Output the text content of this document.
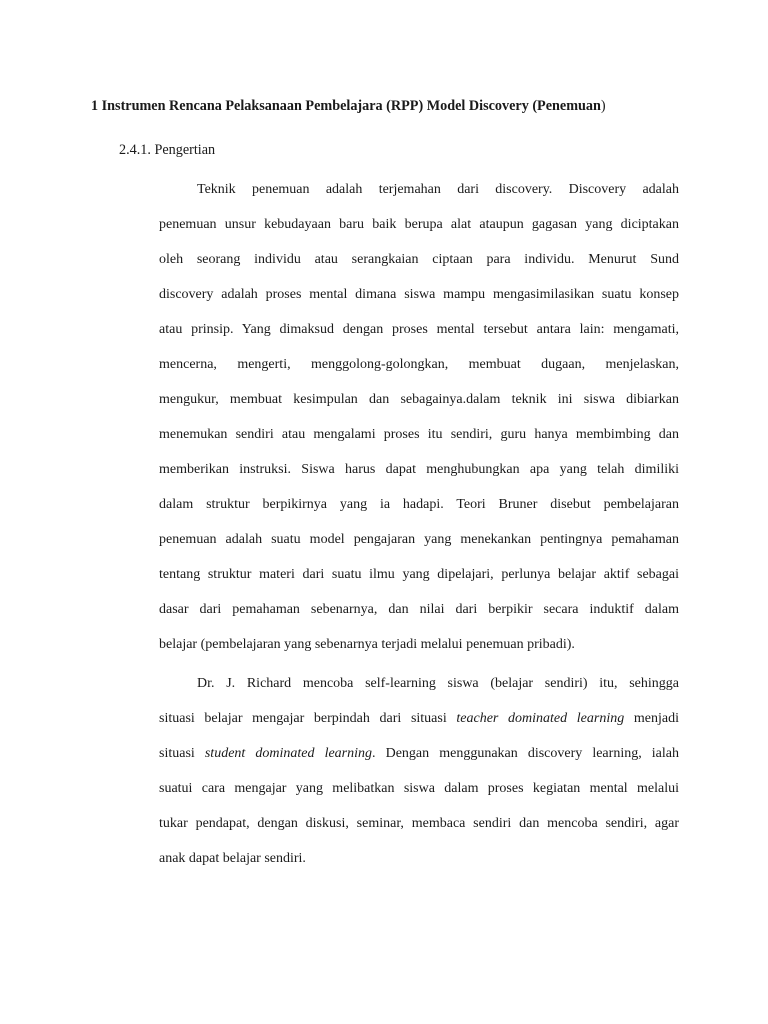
1 Instrumen Rencana Pelaksanaan Pembelajara (RPP) Model Discovery (Penemuan)
2.4.1. Pengertian
Teknik penemuan adalah terjemahan dari discovery. Discovery adalah
penemuan unsur kebudayaan baru baik berupa alat ataupun gagasan yang diciptakan
oleh seorang individu atau serangkaian ciptaan para individu. Menurut Sund
discovery adalah proses mental dimana siswa mampu mengasimilasikan suatu konsep
atau prinsip. Yang dimaksud dengan proses mental tersebut antara lain: mengamati,
mencerna, mengerti, menggolong-golongkan, membuat dugaan, menjelaskan,
mengukur, membuat kesimpulan dan sebagainya.dalam teknik ini siswa dibiarkan
menemukan sendiri atau mengalami proses itu sendiri, guru hanya membimbing dan
memberikan instruksi. Siswa harus dapat menghubungkan apa yang telah dimiliki
dalam struktur berpikirnya yang ia hadapi. Teori Bruner disebut pembelajaran
penemuan adalah suatu model pengajaran yang menekankan pentingnya pemahaman
tentang struktur materi dari suatu ilmu yang dipelajari, perlunya belajar aktif sebagai
dasar dari pemahaman sebenarnya, dan nilai dari berpikir secara induktif dalam
belajar (pembelajaran yang sebenarnya terjadi melalui penemuan pribadi).
Dr. J. Richard mencoba self-learning siswa (belajar sendiri) itu, sehingga
situasi belajar mengajar berpindah dari situasi teacher dominated learning menjadi
situasi student dominated learning. Dengan menggunakan discovery learning, ialah
suatui cara mengajar yang melibatkan siswa dalam proses kegiatan mental melalui
tukar pendapat, dengan diskusi, seminar, membaca sendiri dan mencoba sendiri, agar
anak dapat belajar sendiri.
